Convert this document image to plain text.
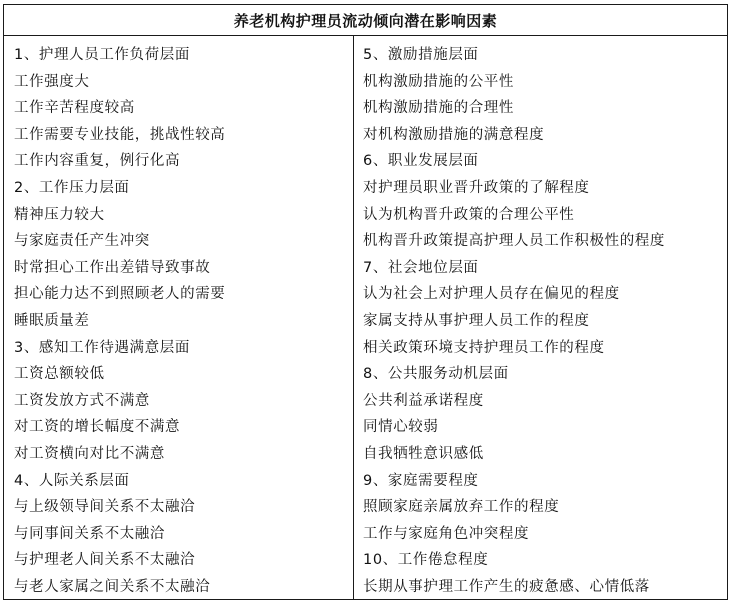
养老机构护理员流动倾向潜在影响因素
1、护理人员工作负荷层面
工作强度大
工作辛苦程度较高
工作需要专业技能，挑战性较高
工作内容重复，例行化高
2、工作压力层面
精神压力较大
与家庭责任产生冲突
时常担心工作出差错导致事故
担心能力达不到照顾老人的需要
睡眠质量差
3、感知工作待遇满意层面
工资总额较低
工资发放方式不满意
对工资的增长幅度不满意
对工资横向对比不满意
4、人际关系层面
与上级领导间关系不太融洽
与同事间关系不太融洽
与护理老人间关系不太融洽
与老人家属之间关系不太融洽
5、激励措施层面
机构激励措施的公平性
机构激励措施的合理性
对机构激励措施的满意程度
6、职业发展层面
对护理员职业晋升政策的了解程度
认为机构晋升政策的合理公平性
机构晋升政策提高护理人员工作积极性的程度
7、社会地位层面
认为社会上对护理人员存在偏见的程度
家属支持从事护理人员工作的程度
相关政策环境支持护理员工作的程度
8、公共服务动机层面
公共利益承诺程度
同情心较弱
自我牺牲意识感低
9、家庭需要程度
照顾家庭亲属放弃工作的程度
工作与家庭角色冲突程度
10、工作倦怠程度
长期从事护理工作产生的疲惫感、心情低落
